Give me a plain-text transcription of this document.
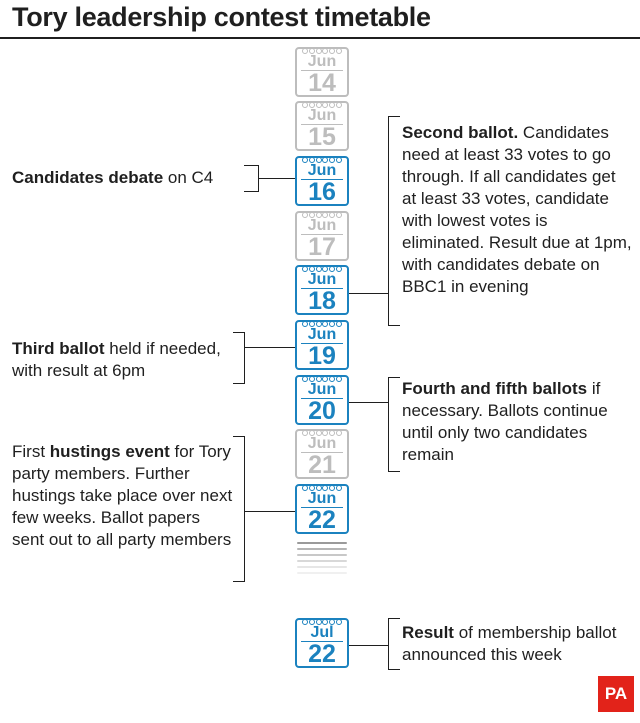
Tory leadership contest timetable
Jun
14
Jun
15
Jun
16
Jun
17
Jun
18
Jun
19
Jun
20
Jun
21
Jun
22
Jul
22
Candidates debate on C4
Second ballot. Candidates need at least 33 votes to go through. If all candidates get at least 33 votes, candidate with lowest votes is eliminated. Result due at 1pm, with candidates debate on BBC1 in evening
Third ballot held if needed, with result at 6pm
Fourth and fifth ballots if necessary. Ballots continue until only two candidates remain
First hustings event for Tory party members. Further hustings take place over next few weeks. Ballot papers sent out to all party members
Result of membership ballot announced this week
PA
